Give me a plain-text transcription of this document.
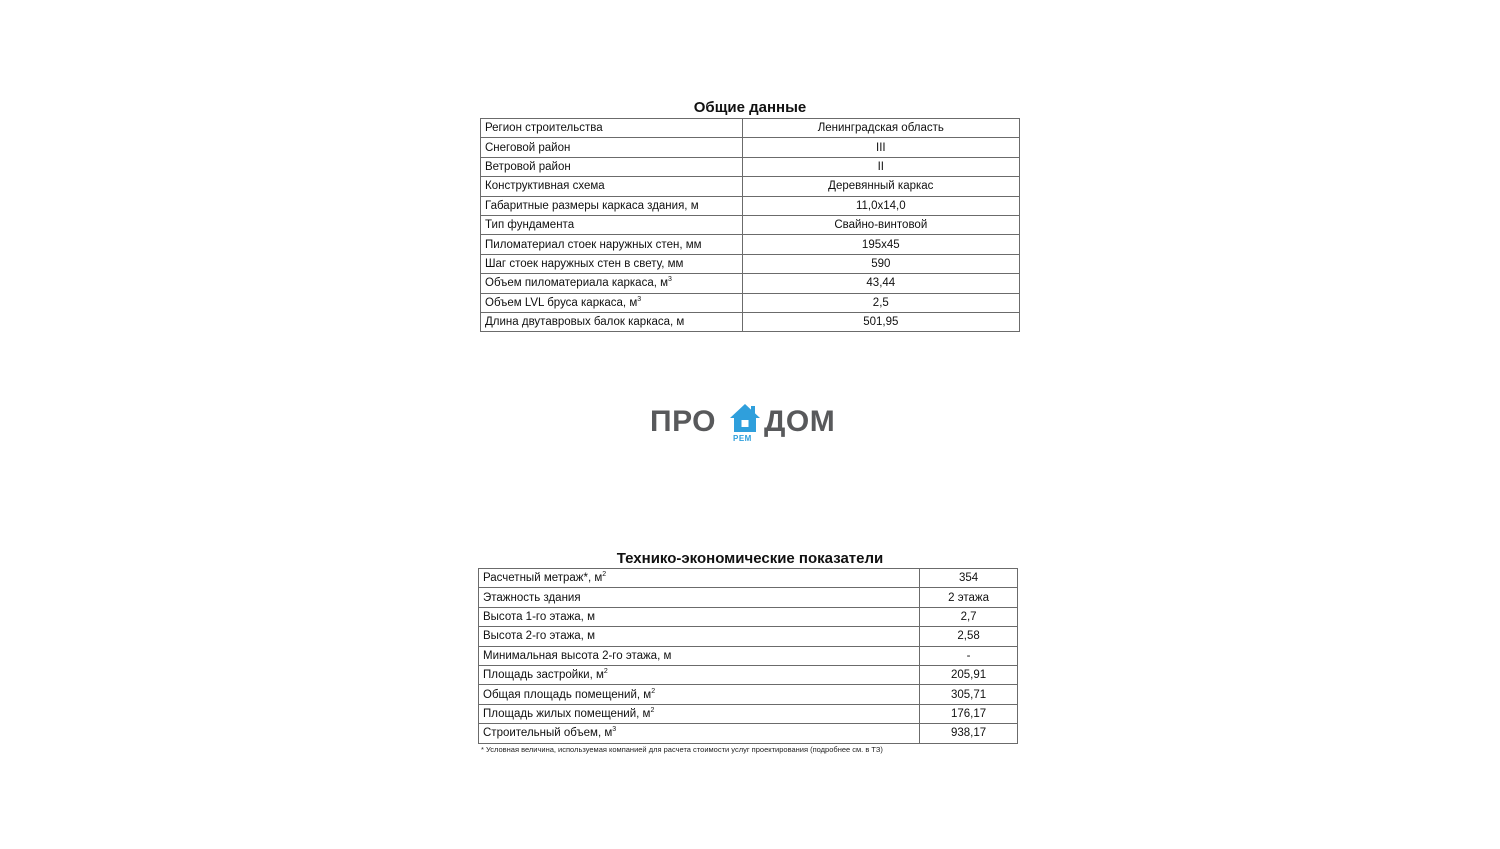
Общие данные
Регион строительства	Ленинградская область
Снеговой район	III
Ветровой район	II
Конструктивная схема	Деревянный каркас
Габаритные размеры каркаса здания, м	11,0х14,0
Тип фундамента	Свайно-винтовой
Пиломатериал стоек наружных стен, мм	195х45
Шаг стоек наружных стен в свету, мм	590
Объем пиломатериала каркаса, $м^3$	43,44
Объем LVL бруса каркаса, $м^3$	2,5
Длина двутавровых балок каркаса, м	501,95
ПРО
РЕМ
ДОМ
Технико-экономические показатели
Расчетный метраж*, $м^2$	354
Этажность здания	2 этажа
Высота 1-го этажа, м	2,7
Высота 2-го этажа, м	2,58
Минимальная высота 2-го этажа, м	-
Площадь застройки, $м^2$	205,91
Общая площадь помещений, $м^2$	305,71
Площадь жилых помещений, $м^2$	176,17
Строительный объем, $м^3$	938,17
* Условная величина, используемая компанией для расчета стоимости услуг проектирования (подробнее см. в ТЗ)
